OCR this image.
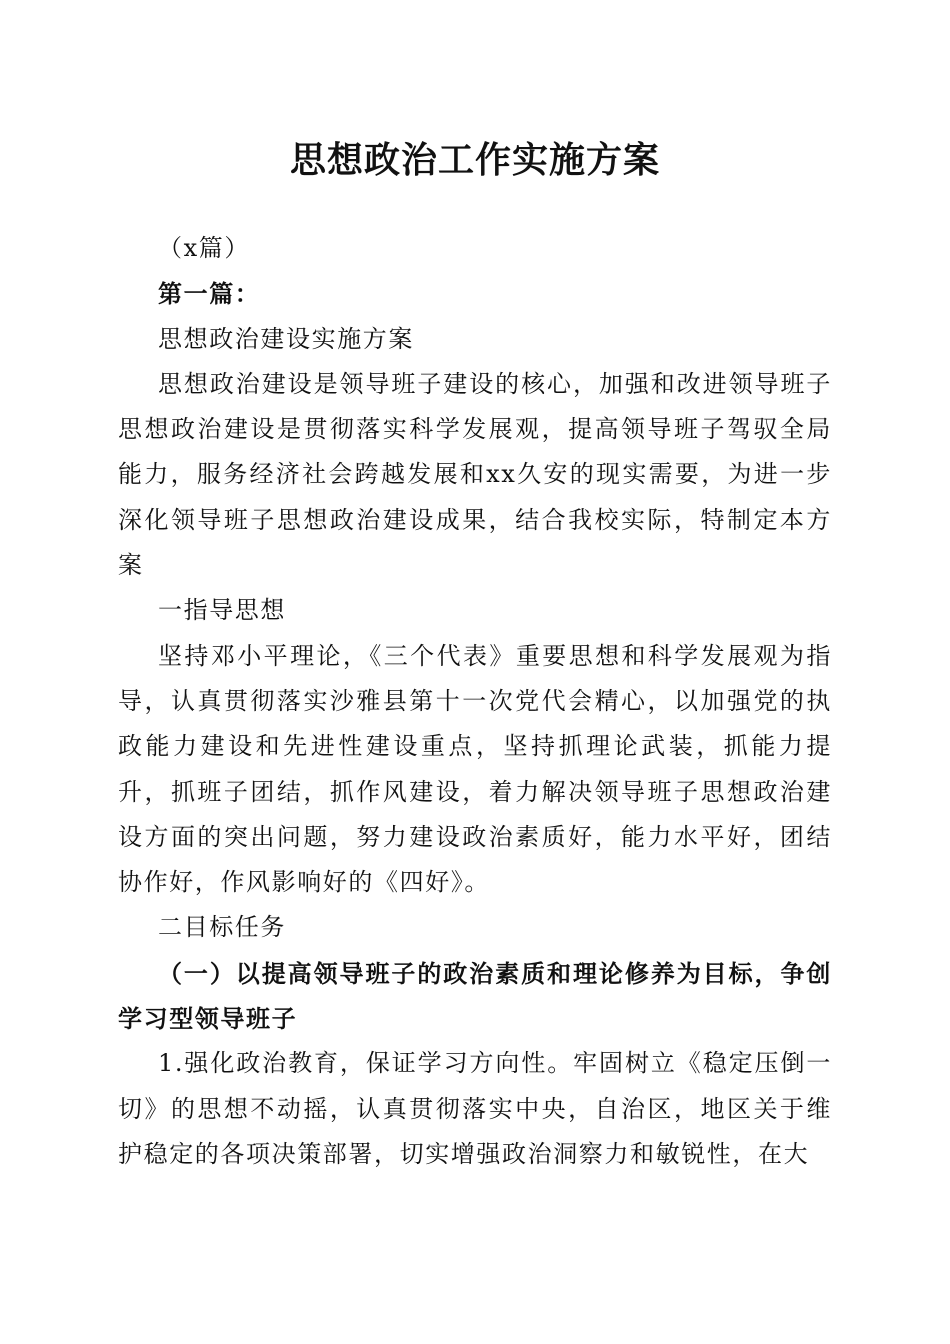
思想政治工作实施方案

（x篇）

第一篇：

思想政治建设实施方案

思想政治建设是领导班子建设的核心，加强和改进领导班子思想政治建设是贯彻落实科学发展观，提高领导班子驾驭全局能力，服务经济社会跨越发展和xx久安的现实需要，为进一步深化领导班子思想政治建设成果，结合我校实际，特制定本方案

一指导思想

坚持邓小平理论，《三个代表》重要思想和科学发展观为指导，认真贯彻落实沙雅县第十一次党代会精心，以加强党的执政能力建设和先进性建设重点，坚持抓理论武装，抓能力提升，抓班子团结，抓作风建设，着力解决领导班子思想政治建设方面的突出问题，努力建设政治素质好，能力水平好，团结协作好，作风影响好的《四好》。

二目标任务

（一）以提高领导班子的政治素质和理论修养为目标，争创学习型领导班子

1.强化政治教育，保证学习方向性。牢固树立《稳定压倒一切》的思想不动摇，认真贯彻落实中央，自治区，地区关于维护稳定的各项决策部署，切实增强政治洞察力和敏锐性，在大
